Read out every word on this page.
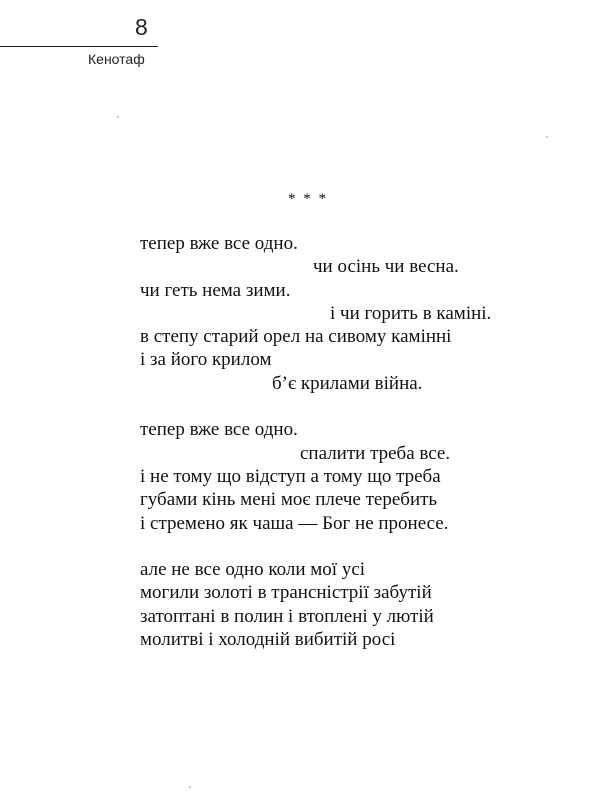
8
Кенотаф
* * *
тепер вже все одно.
чи осінь чи весна.
чи геть нема зими.
і чи горить в каміні.
в степу старий орел на сивому камінні
і за його крилом
б’є крилами війна.
тепер вже все одно.
спалити треба все.
і не тому що відступ а тому що треба
губами кінь мені моє плече теребить
і стремено як чаша — Бог не пронесе.
але не все одно коли мої усі
могили золоті в трансністрії забутій
затоптані в полин і втоплені у лютій
молитві і холодній вибитій росі
